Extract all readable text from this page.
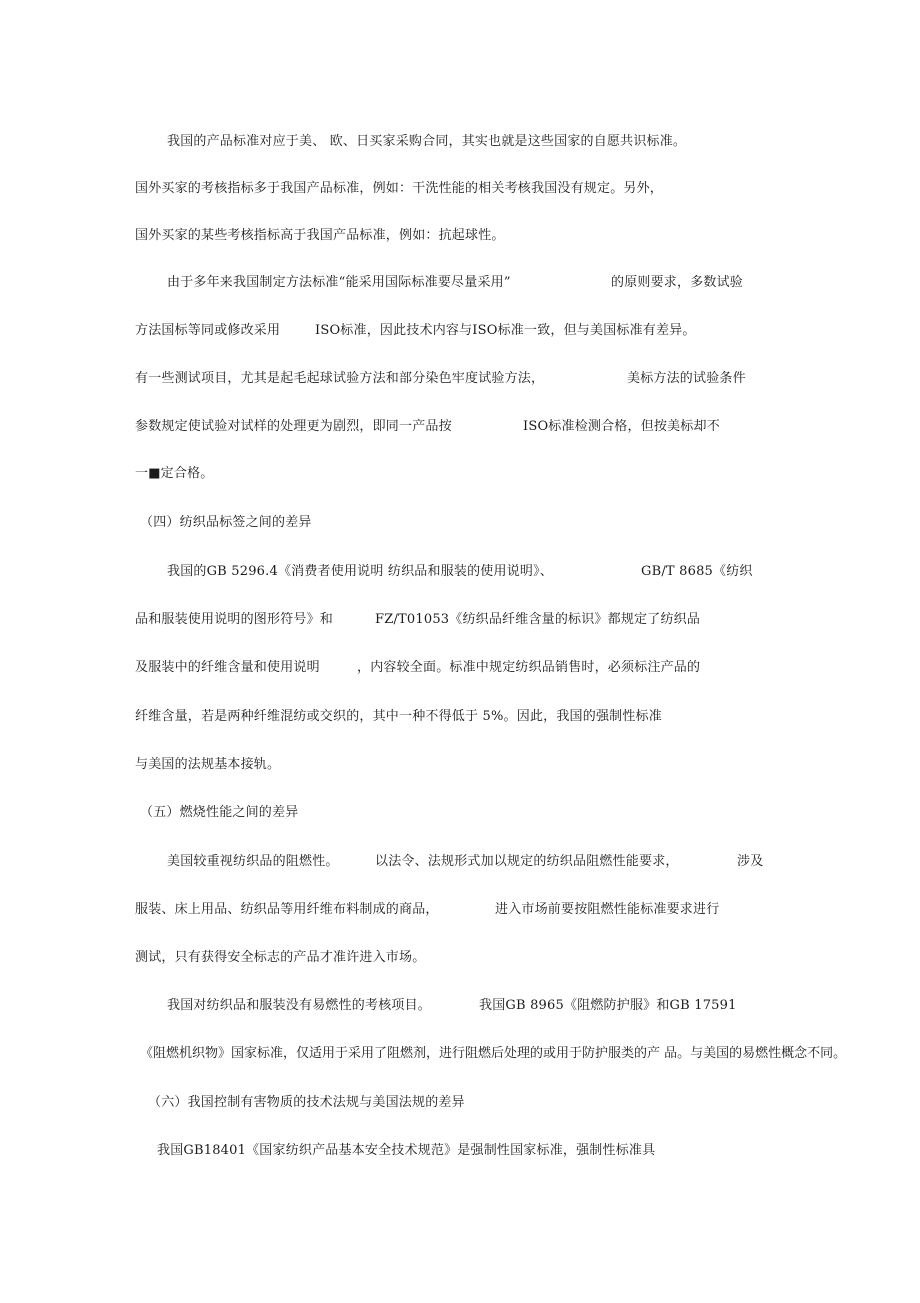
我国的产品标准对应于美、 欧、日买家采购合同，其实也就是这些国家的自愿共识标准。
国外买家的考核指标多于我国产品标准，例如：干洗性能的相关考核我国没有规定。另外，
国外买家的某些考核指标高于我国产品标准，例如：抗起球性。

由于多年来我国制定方法标准“能采用国际标准要尽量采用”

	的原则要求，多数试验

方法国标等同或修改采用

	ISO标准，因此技术内容与ISO标准一致，但与美国标准有差异。

有一些测试项目，尤其是起毛起球试验方法和部分染色牢度试验方法，

	美标方法的试验条件

参数规定使试验对试样的处理更为剧烈，即同一产品按

	ISO标准检测合格，但按美标却不

一■定合格。
（四）纺织品标签之间的差异

我国的GB 5296.4《消费者使用说明 纺织品和服装的使用说明》、

	GB/T 8685《纺织

品和服装使用说明的图形符号》和

	FZ/T01053《纺织品纤维含量的标识》都规定了纺织品

及服装中的纤维含量和使用说明

	，内容较全面。标准中规定纺织品销售时，必须标注产品的

纤维含量，若是两种纤维混纺或交织的，其中一种不得低于 5%。因此，我国的强制性标准
与美国的法规基本接轨。
（五）燃烧性能之间的差异

美国较重视纺织品的阻燃性。

	以法令、法规形式加以规定的纺织品阻燃性能要求，

	涉及

服装、床上用品、纺织品等用纤维布料制成的商品，

	进入市场前要按阻燃性能标准要求进行

测试，只有获得安全标志的产品才准许进入市场。

我国对纺织品和服装没有易燃性的考核项目。

	我国GB 8965《阻燃防护服》和GB 17591

《阻燃机织物》国家标准，仅适用于采用了阻燃剂，进行阻燃后处理的或用于防护服类的产 品。与美国的易燃性概念不同。
（六）我国控制有害物质的技术法规与美国法规的差异
我国GB18401《国家纺织产品基本安全技术规范》是强制性国家标准，强制性标准具
